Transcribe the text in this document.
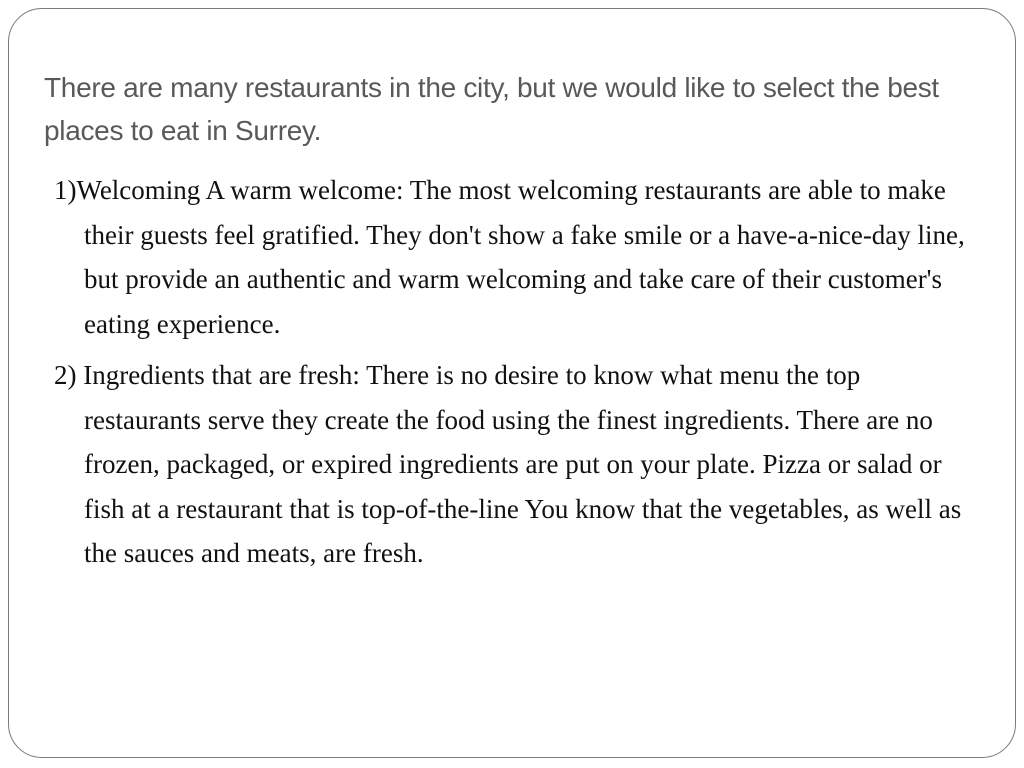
There are many restaurants in the city, but we would like to select the best places to eat in Surrey.
1)Welcoming A warm welcome: The most welcoming restaurants are able to make their guests feel gratified. They don't show a fake smile or a have-a-nice-day line, but provide an authentic and warm welcoming and take care of their customer's eating experience.
2) Ingredients that are fresh: There is no desire to know what menu the top restaurants serve they create the food using the finest ingredients. There are no frozen, packaged, or expired ingredients are put on your plate. Pizza or salad or fish at a restaurant that is top-of-the-line You know that the vegetables, as well as the sauces and meats, are fresh.
